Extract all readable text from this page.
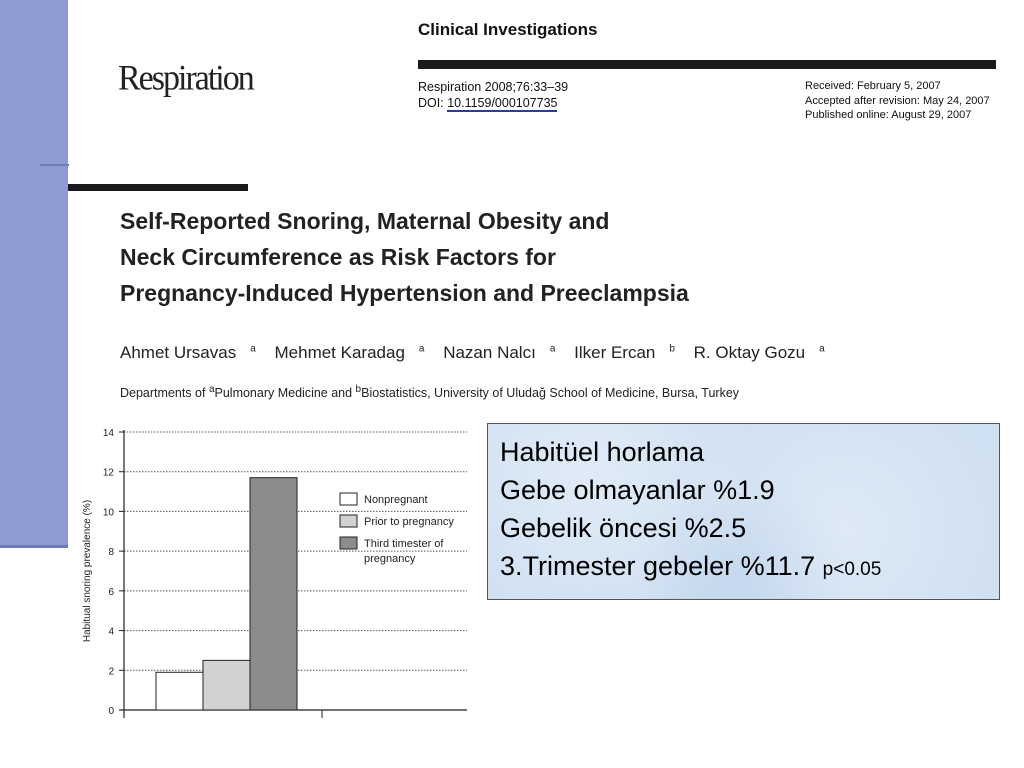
Respiration
Clinical Investigations
Respiration 2008;76:33–39
DOI: 10.1159/000107735
Received: February 5, 2007
Accepted after revision: May 24, 2007
Published online: August 29, 2007
Self-Reported Snoring, Maternal Obesity and
Neck Circumference as Risk Factors for
Pregnancy-Induced Hypertension and Preeclampsia
Ahmet Ursavas $^a$ Mehmet Karadag $^a$ Nazan Nalcı $^a$ Ilker Ercan $^b$ R. Oktay Gozu $^a$
Departments of $^a$Pulmonary Medicine and $^b$Biostatistics, University of Uludağ School of Medicine, Bursa, Turkey
0
2
4
6
8
10
12
14
Habitual snoring prevalence (%)	Nonpregnant
Prior to pregnancy
Third timester of
pregnancy
Habitüel horlama
Gebe olmayanlar %1.9
Gebelik öncesi %2.5
3.Trimester gebeler %11.7 p<0.05
